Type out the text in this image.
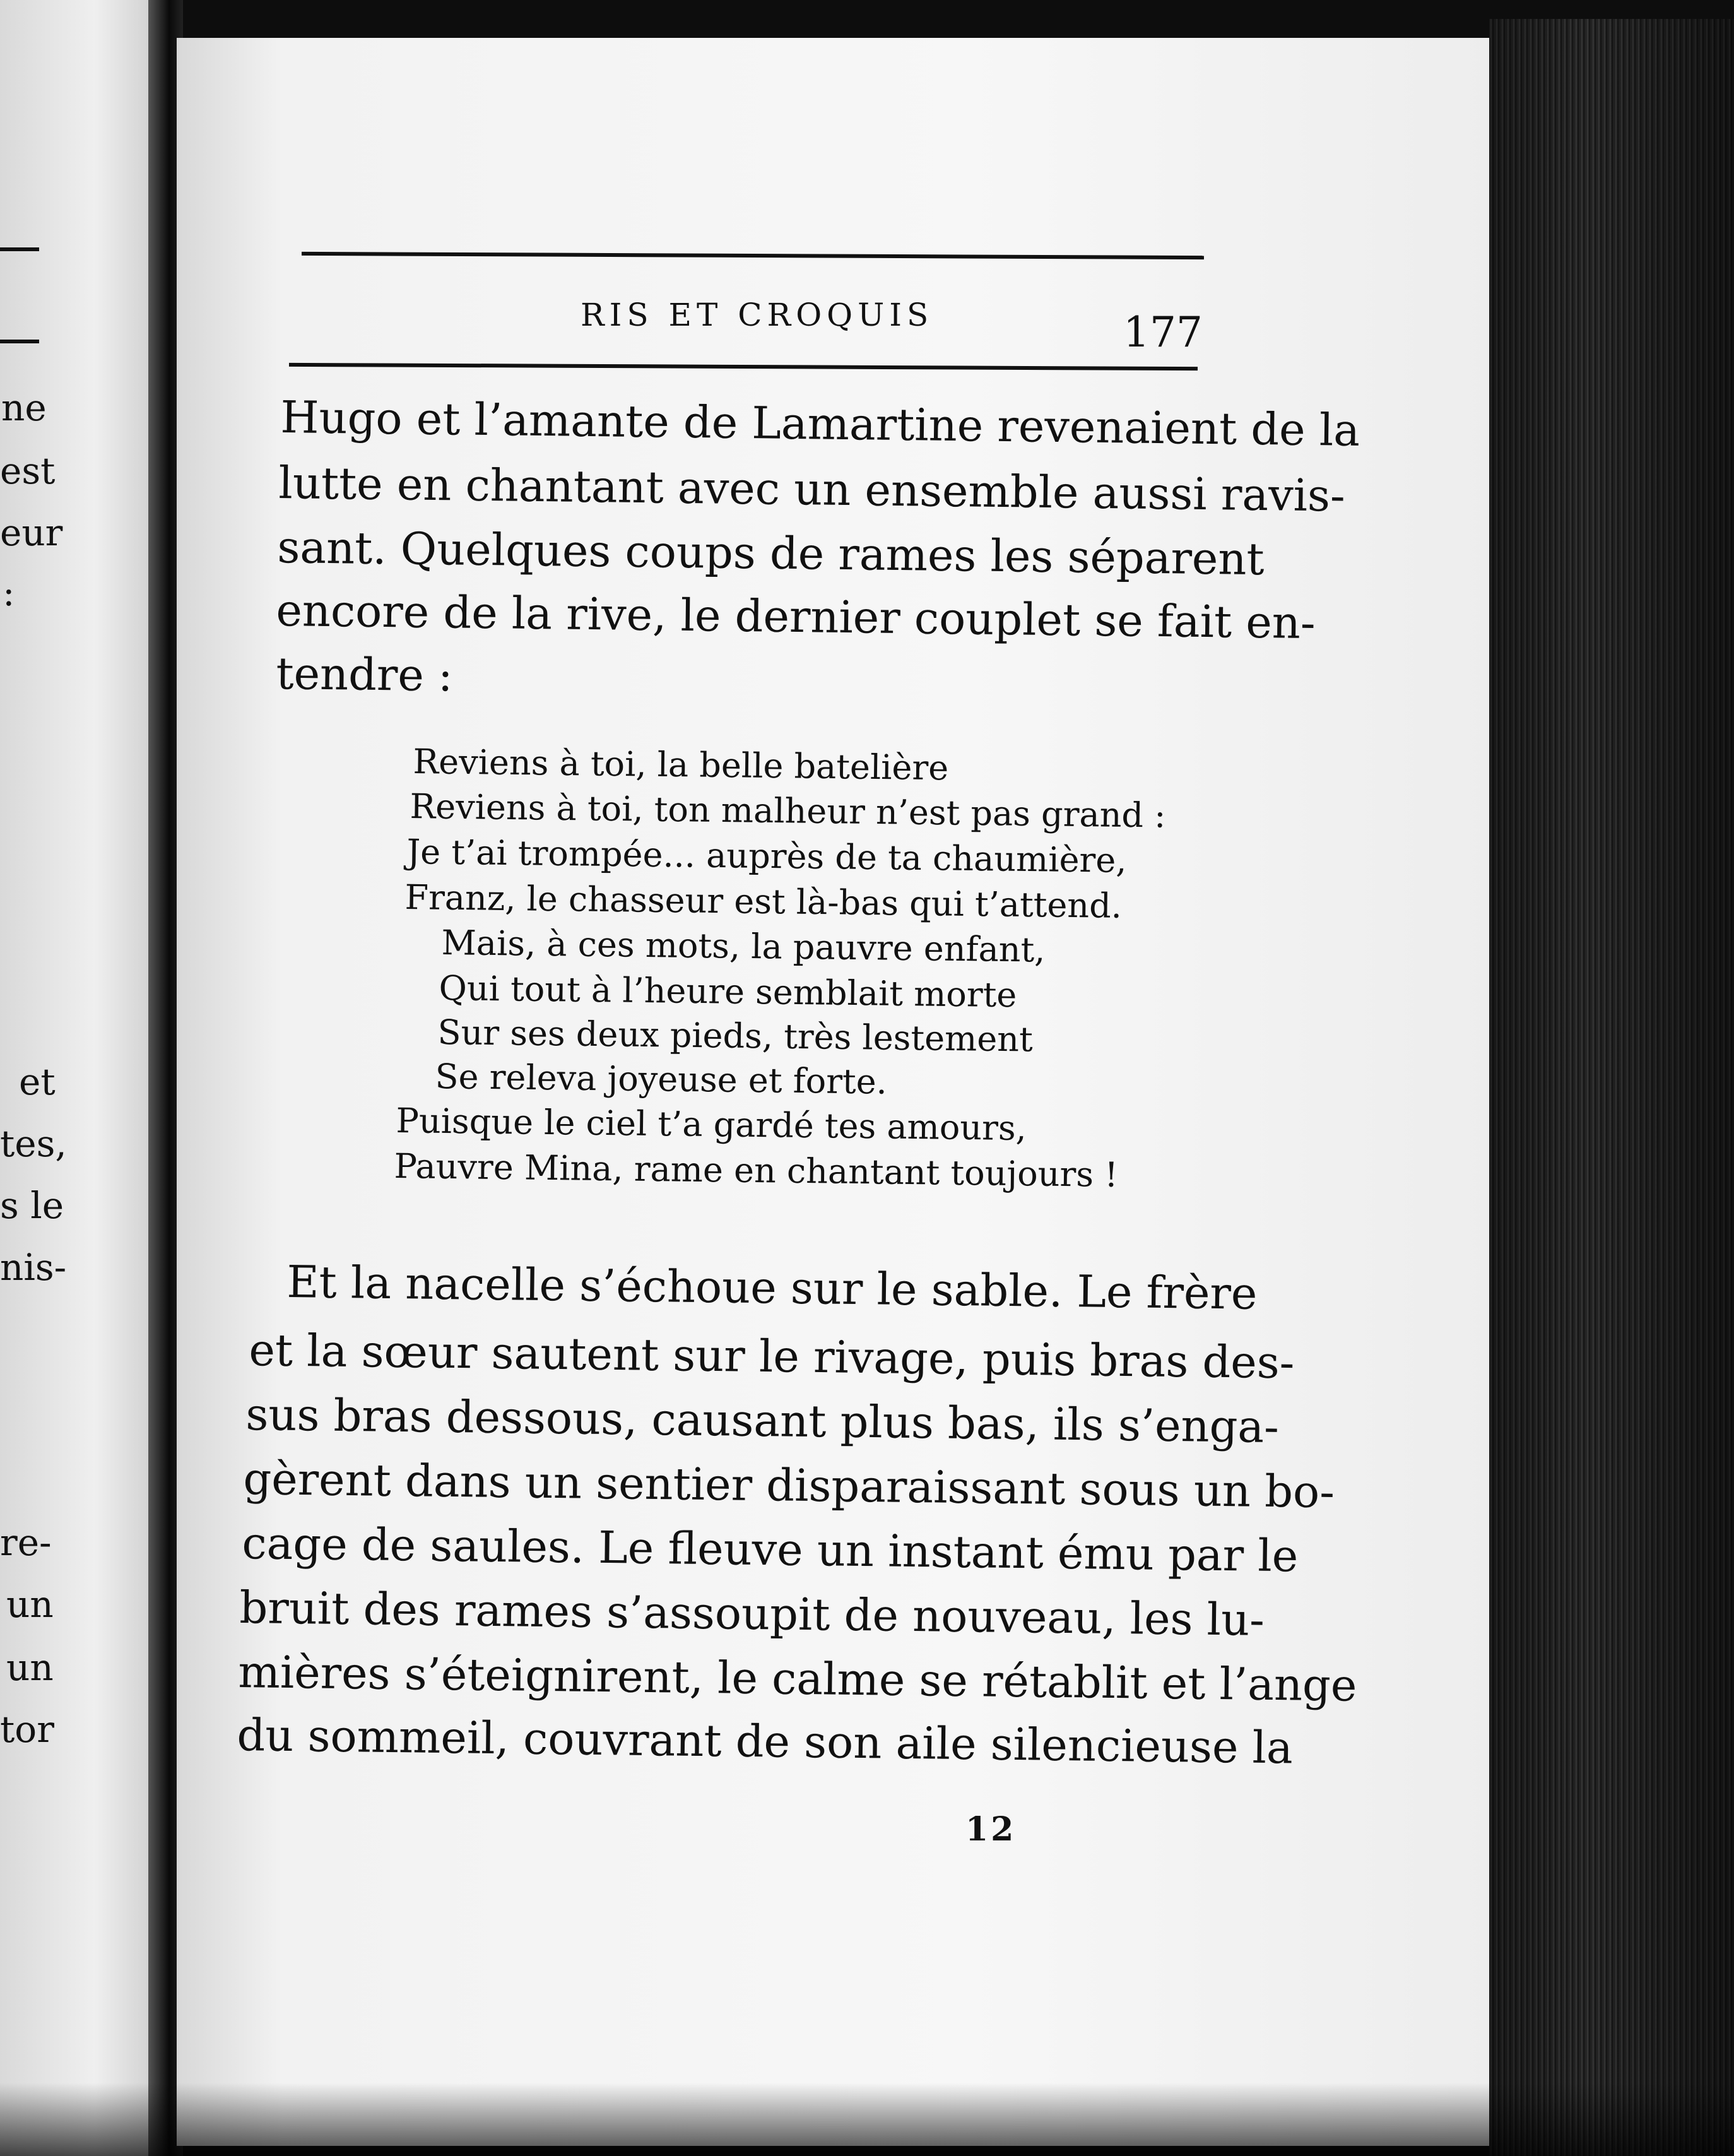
ne
est
eur
:
et
tes,
s le
nis-
re-
un
un
tor
RIS ET CROQUIS	177
Hugo et l’amante de Lamartine revenaient de la
lutte en chantant avec un ensemble aussi ravis-
sant. Quelques coups de rames les séparent
encore de la rive, le dernier couplet se fait en-
tendre :
Reviens à toi, la belle batelière
Reviens à toi, ton malheur n’est pas grand :
Je t’ai trompée... auprès de ta chaumière,
Franz, le chasseur est là-bas qui t’attend.
Mais, à ces mots, la pauvre enfant,
Qui tout à l’heure semblait morte
Sur ses deux pieds, très lestement
Se releva joyeuse et forte.
Puisque le ciel t’a gardé tes amours,
Pauvre Mina, rame en chantant toujours !
Et la nacelle s’échoue sur le sable. Le frère
et la sœur sautent sur le rivage, puis bras des-
sus bras dessous, causant plus bas, ils s’enga-
gèrent dans un sentier disparaissant sous un bo-
cage de saules. Le fleuve un instant ému par le
bruit des rames s’assoupit de nouveau, les lu-
mières s’éteignirent, le calme se rétablit et l’ange
du sommeil, couvrant de son aile silencieuse la
12
